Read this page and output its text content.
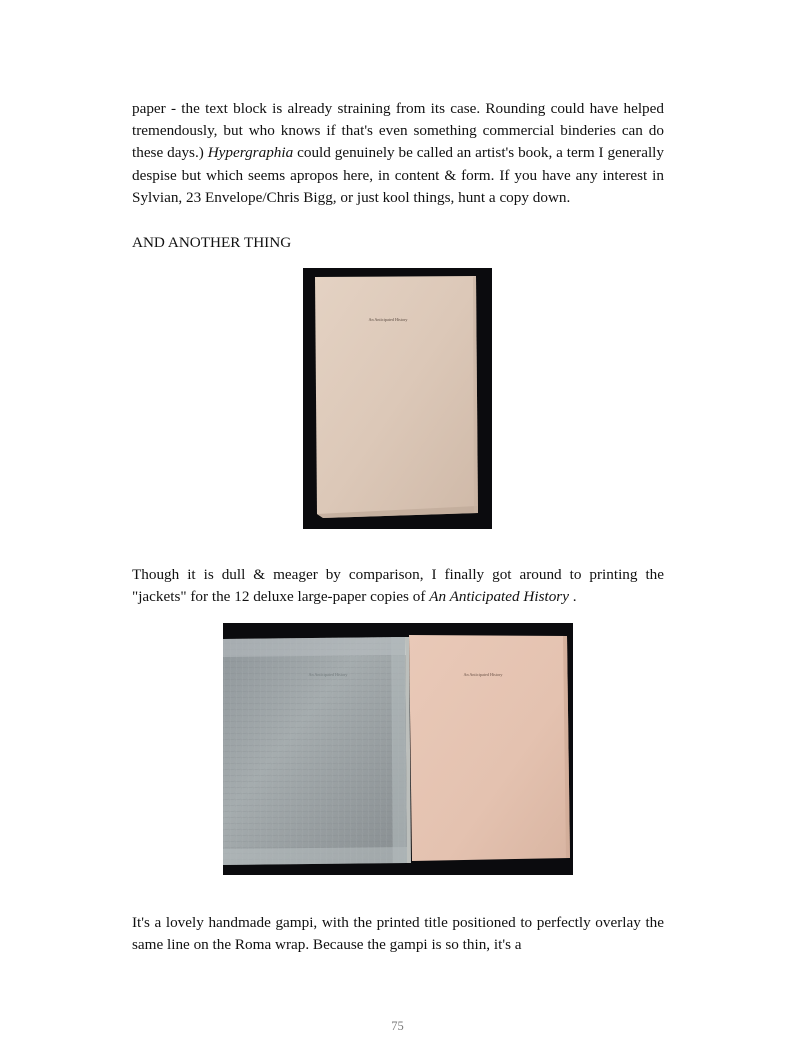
paper - the text block is already straining from its case. Rounding could have helped tremendously, but who knows if that's even something commercial binderies can do these days.) Hypergraphia could genuinely be called an artist's book, a term I generally despise but which seems apropos here, in content & form. If you have any interest in Sylvian, 23 Envelope/Chris Bigg, or just kool things, hunt a copy down.

AND ANOTHER THING

An Anticipated History

Though it is dull & meager by comparison, I finally got around to printing the "jackets" for the 12 deluxe large-paper copies of An Anticipated History .

An Anticipated History	An Anticipated History

It's a lovely handmade gampi, with the printed title positioned to perfectly overlay the same line on the Roma wrap. Because the gampi is so thin, it's a

75
